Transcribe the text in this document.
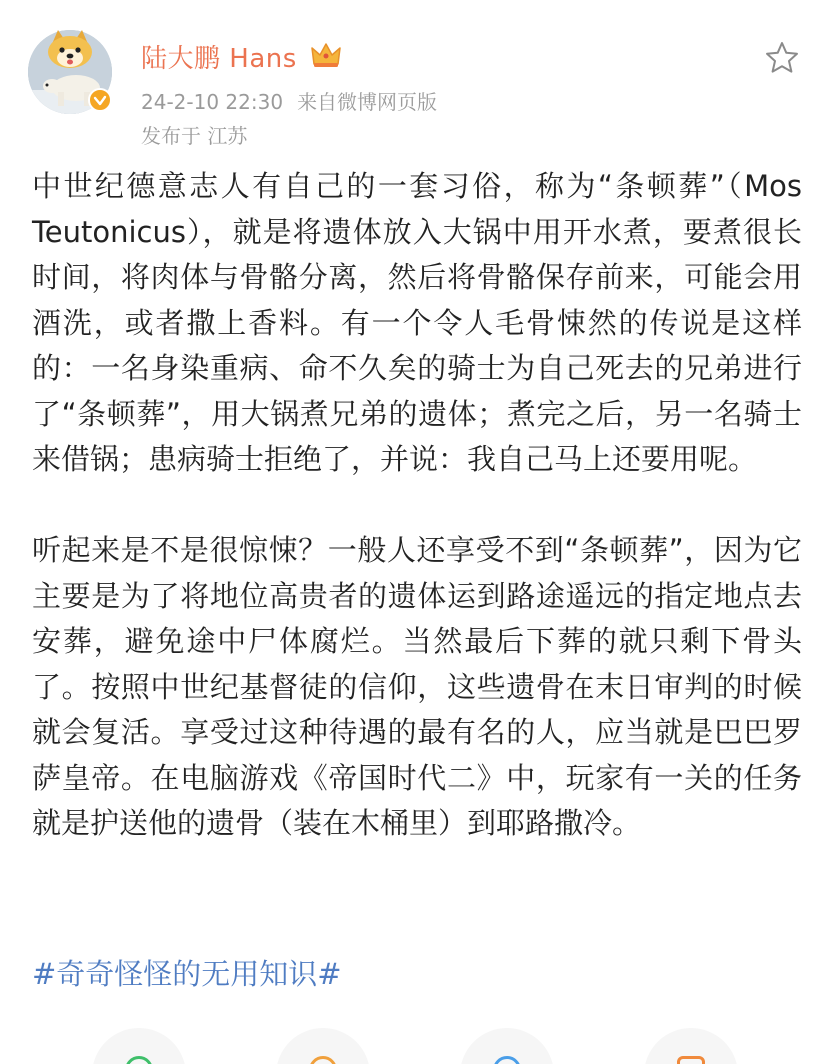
陆大鹏 Hans
24-2-10 22:30 来自微博网页版
发布于 江苏

中世纪德意志人有自己的一套习俗，称为“条顿葬”（Mos Teutonicus），就是将遗体放入大锅中用开水煮，要煮很长时间，将肉体与骨骼分离，然后将骨骼保存前来，可能会用酒洗，或者撒上香料。有一个令人毛骨悚然的传说是这样的：一名身染重病、命不久矣的骑士为自己死去的兄弟进行了“条顿葬”，用大锅煮兄弟的遗体；煮完之后，另一名骑士来借锅；患病骑士拒绝了，并说：我自己马上还要用呢。

听起来是不是很惊悚？一般人还享受不到“条顿葬”，因为它主要是为了将地位高贵者的遗体运到路途遥远的指定地点去安葬，避免途中尸体腐烂。当然最后下葬的就只剩下骨头了。按照中世纪基督徒的信仰，这些遗骨在末日审判的时候就会复活。享受过这种待遇的最有名的人，应当就是巴巴罗萨皇帝。在电脑游戏《帝国时代二》中，玩家有一关的任务就是护送他的遗骨（装在木桶里）到耶路撒冷。

#奇奇怪怪的无用知识#
